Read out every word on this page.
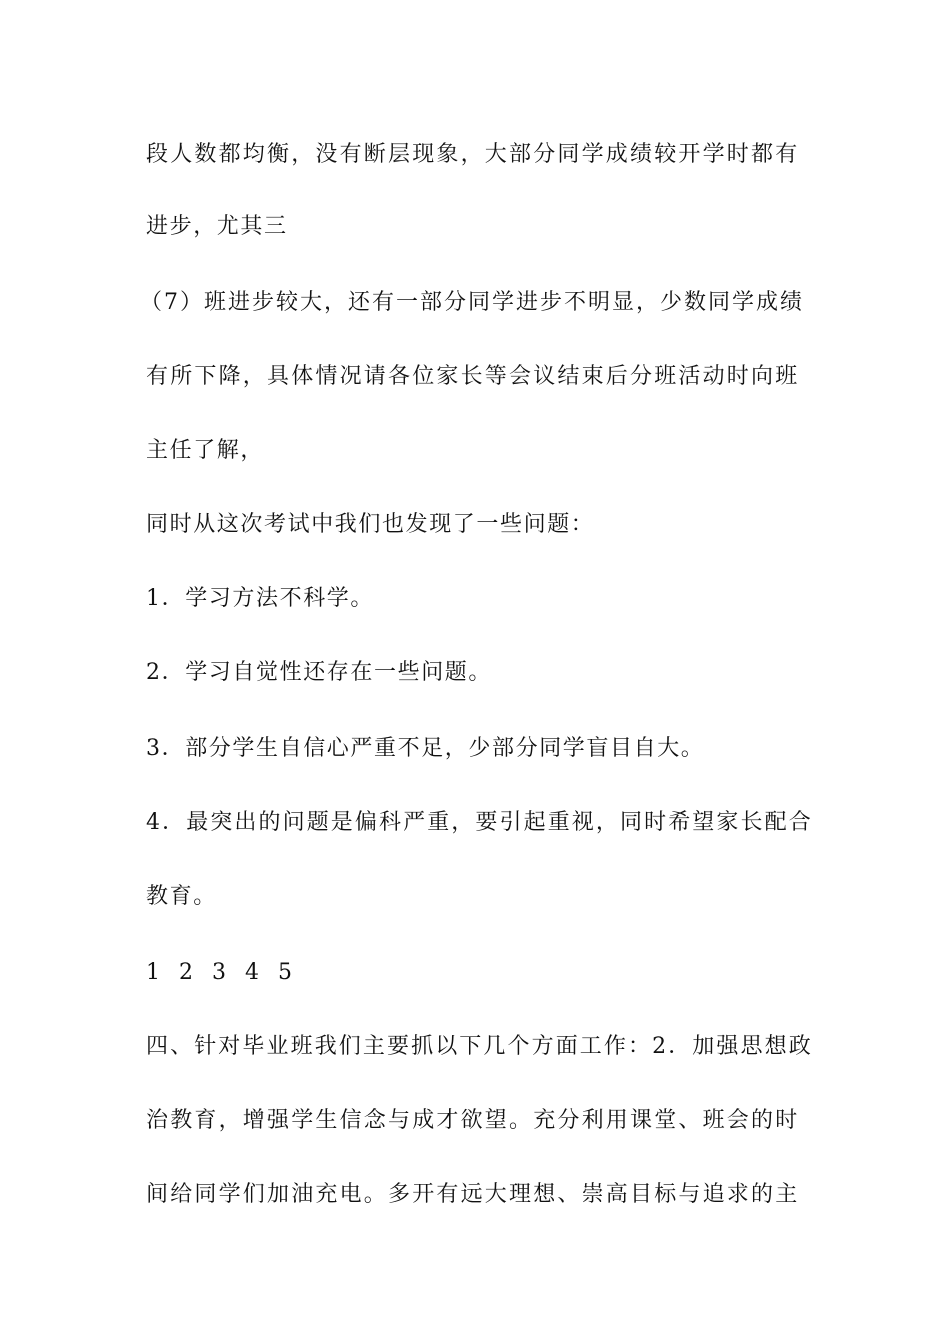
段人数都均衡，没有断层现象，大部分同学成绩较开学时都有
进步，尤其三
（7）班进步较大，还有一部分同学进步不明显，少数同学成绩
有所下降，具体情况请各位家长等会议结束后分班活动时向班
主任了解，
同时从这次考试中我们也发现了一些问题：
1．学习方法不科学。
2．学习自觉性还存在一些问题。
3．部分学生自信心严重不足，少部分同学盲目自大。
4．最突出的问题是偏科严重，要引起重视，同时希望家长配合
教育。
1 2 3 4 5
四、针对毕业班我们主要抓以下几个方面工作：2．加强思想政
治教育，增强学生信念与成才欲望。充分利用课堂、班会的时
间给同学们加油充电。多开有远大理想、崇高目标与追求的主
